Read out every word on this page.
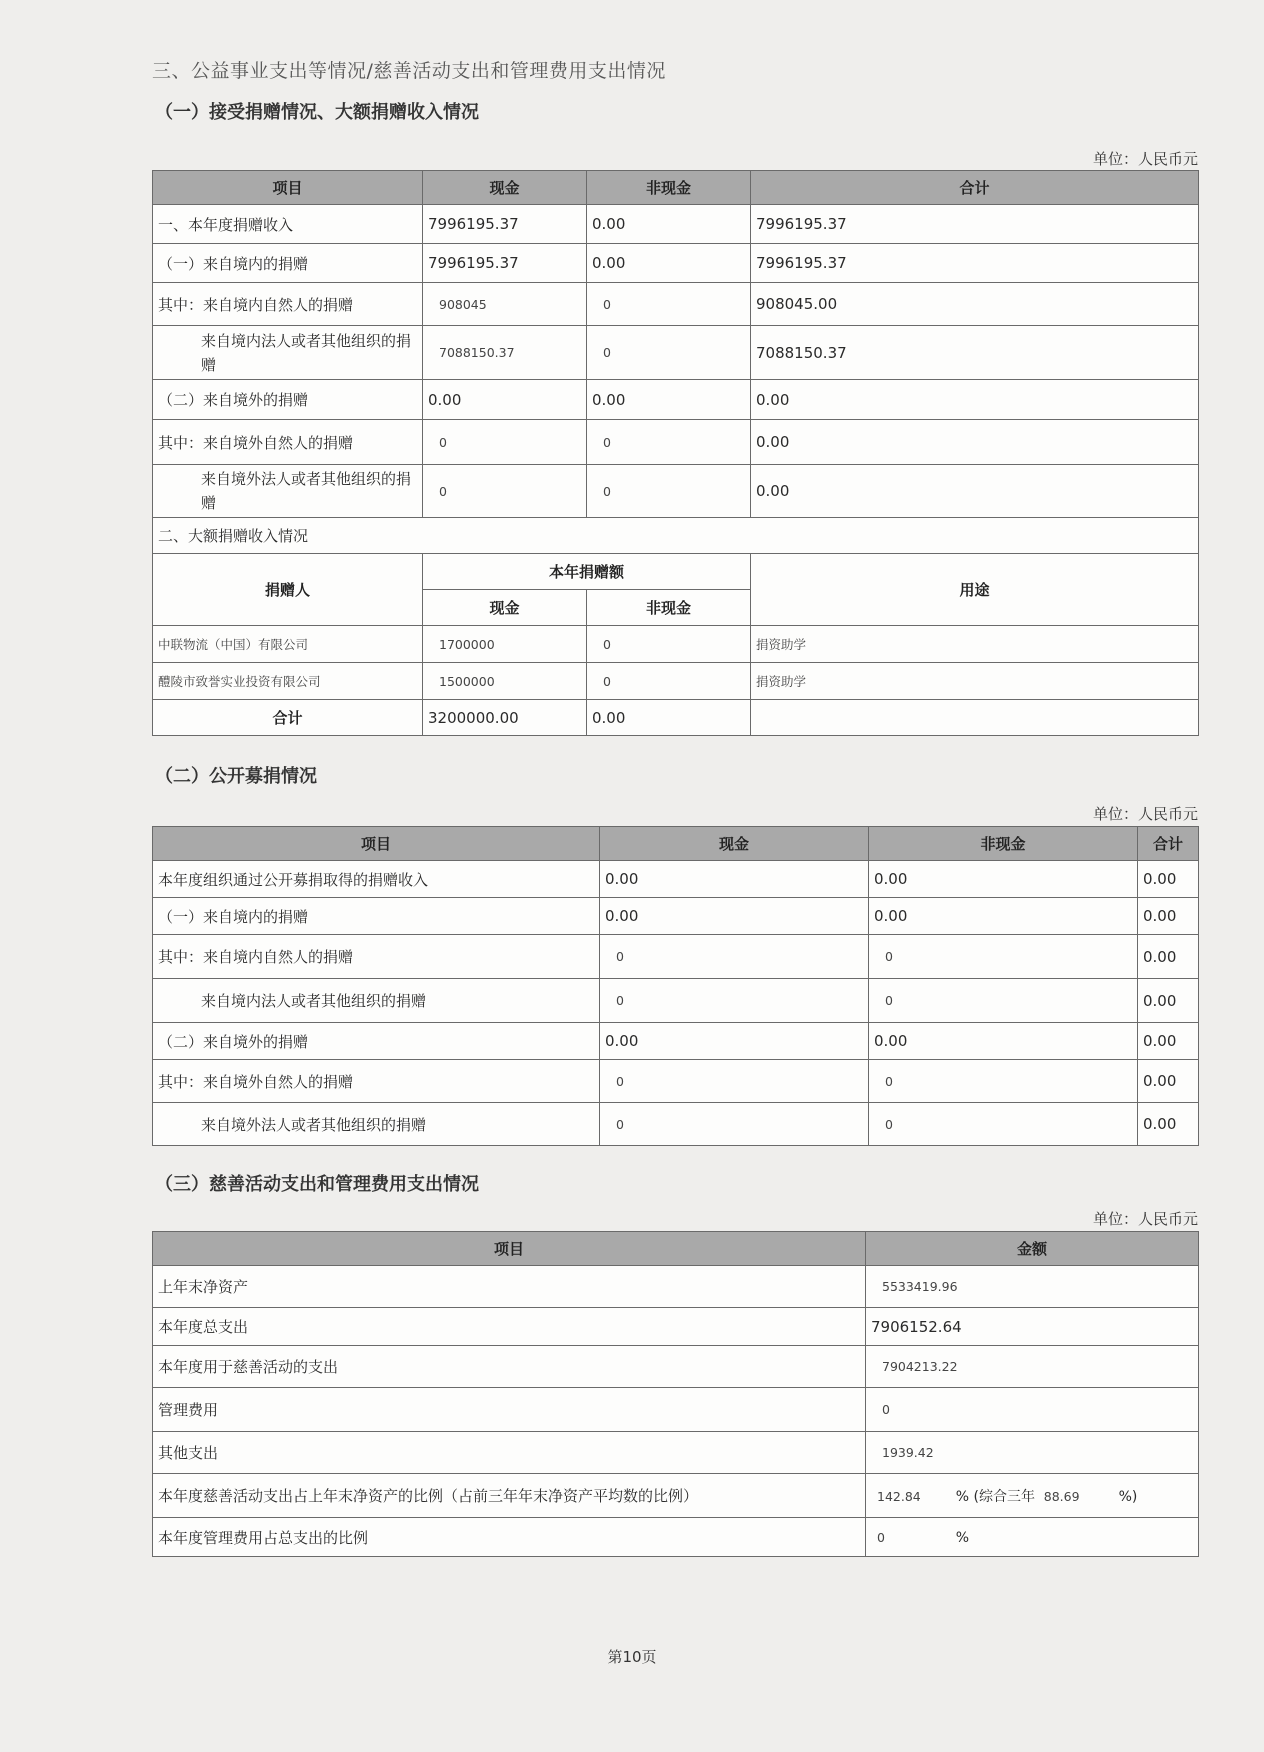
三、公益事业支出等情况/慈善活动支出和管理费用支出情况
（一）接受捐赠情况、大额捐赠收入情况
单位：人民币元
项目	现金	非现金	合计
一、本年度捐赠收入	7996195.37	0.00	7996195.37
（一）来自境内的捐赠	7996195.37	0.00	7996195.37
其中：来自境内自然人的捐赠	908045	0	908045.00
来自境内法人或者其他组织的捐赠	7088150.37	0	7088150.37
（二）来自境外的捐赠	0.00	0.00	0.00
其中：来自境外自然人的捐赠	0	0	0.00
来自境外法人或者其他组织的捐赠	0	0	0.00
二、大额捐赠收入情况			
捐赠人	本年捐赠额		用途
	现金	非现金	
中联物流（中国）有限公司	1700000	0	捐资助学
醴陵市致誉实业投资有限公司	1500000	0	捐资助学
合计	3200000.00	0.00	
（二）公开募捐情况
单位：人民币元
项目	现金	非现金	合计
本年度组织通过公开募捐取得的捐赠收入	0.00	0.00	0.00
（一）来自境内的捐赠	0.00	0.00	0.00
其中：来自境内自然人的捐赠	0	0	0.00
来自境内法人或者其他组织的捐赠	0	0	0.00
（二）来自境外的捐赠	0.00	0.00	0.00
其中：来自境外自然人的捐赠	0	0	0.00
来自境外法人或者其他组织的捐赠	0	0	0.00
（三）慈善活动支出和管理费用支出情况
单位：人民币元
项目	金额
上年末净资产	5533419.96
本年度总支出	7906152.64
本年度用于慈善活动的支出	7904213.22
管理费用	0
其他支出	1939.42
本年度慈善活动支出占上年末净资产的比例（占前三年年末净资产平均数的比例）	142.84 % (综合三年 88.69 %)
本年度管理费用占总支出的比例	0 %
第10页
